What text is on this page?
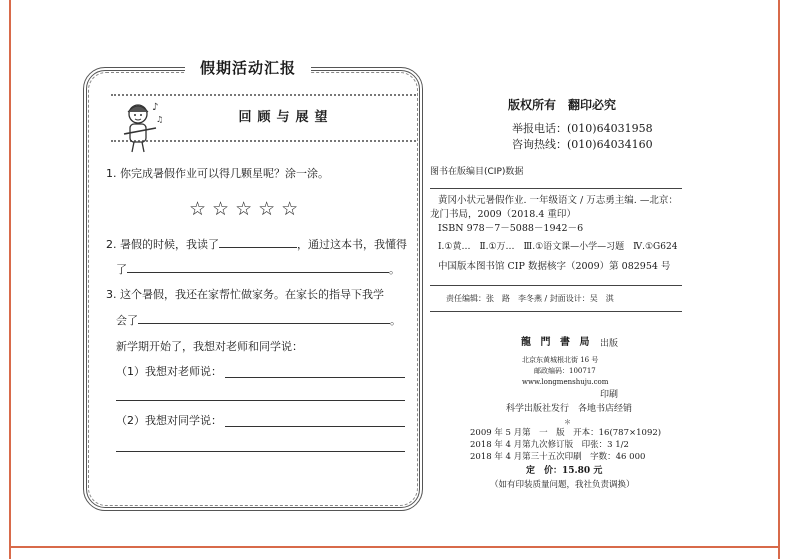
假期活动汇报
♪
♫	回顾与展望
1. 你完成暑假作业可以得几颗星呢？涂一涂。
☆☆☆☆☆
2. 暑假的时候，我读了	，通过这本书，我懂得
了	。
3. 这个暑假，我还在家帮忙做家务。在家长的指导下我学
会了	。
新学期开始了，我想对老师和同学说：
（1）我想对老师说：
（2）我想对同学说：
版权所有　翻印必究
举报电话：(010)64031958
咨询热线：(010)64034160
图书在版编目(CIP)数据
黄冈小状元暑假作业. 一年级语文 / 万志勇主编. —北京：
龙门书局，2009（2018.4 重印）
ISBN 978－7－5088－1942－6
Ⅰ.①黄…　Ⅱ.①万…　Ⅲ.①语文课—小学—习题　Ⅳ.①G624
中国版本图书馆 CIP 数据核字（2009）第 082954 号
责任编辑：张　路　李冬燕 / 封面设计：吴　淇
龍 門 書 局 出版
北京东黄城根北街 16 号
邮政编码：100717
www.longmenshuju.com
印刷
科学出版社发行　各地书店经销
＊
2009 年 5 月第　一　版　开本：16(787×1092)
2018 年 4 月第九次修订版　印张：3 1/2
2018 年 4 月第三十五次印刷　字数：46 000
定　价：15.80 元
（如有印装质量问题，我社负责调换）
